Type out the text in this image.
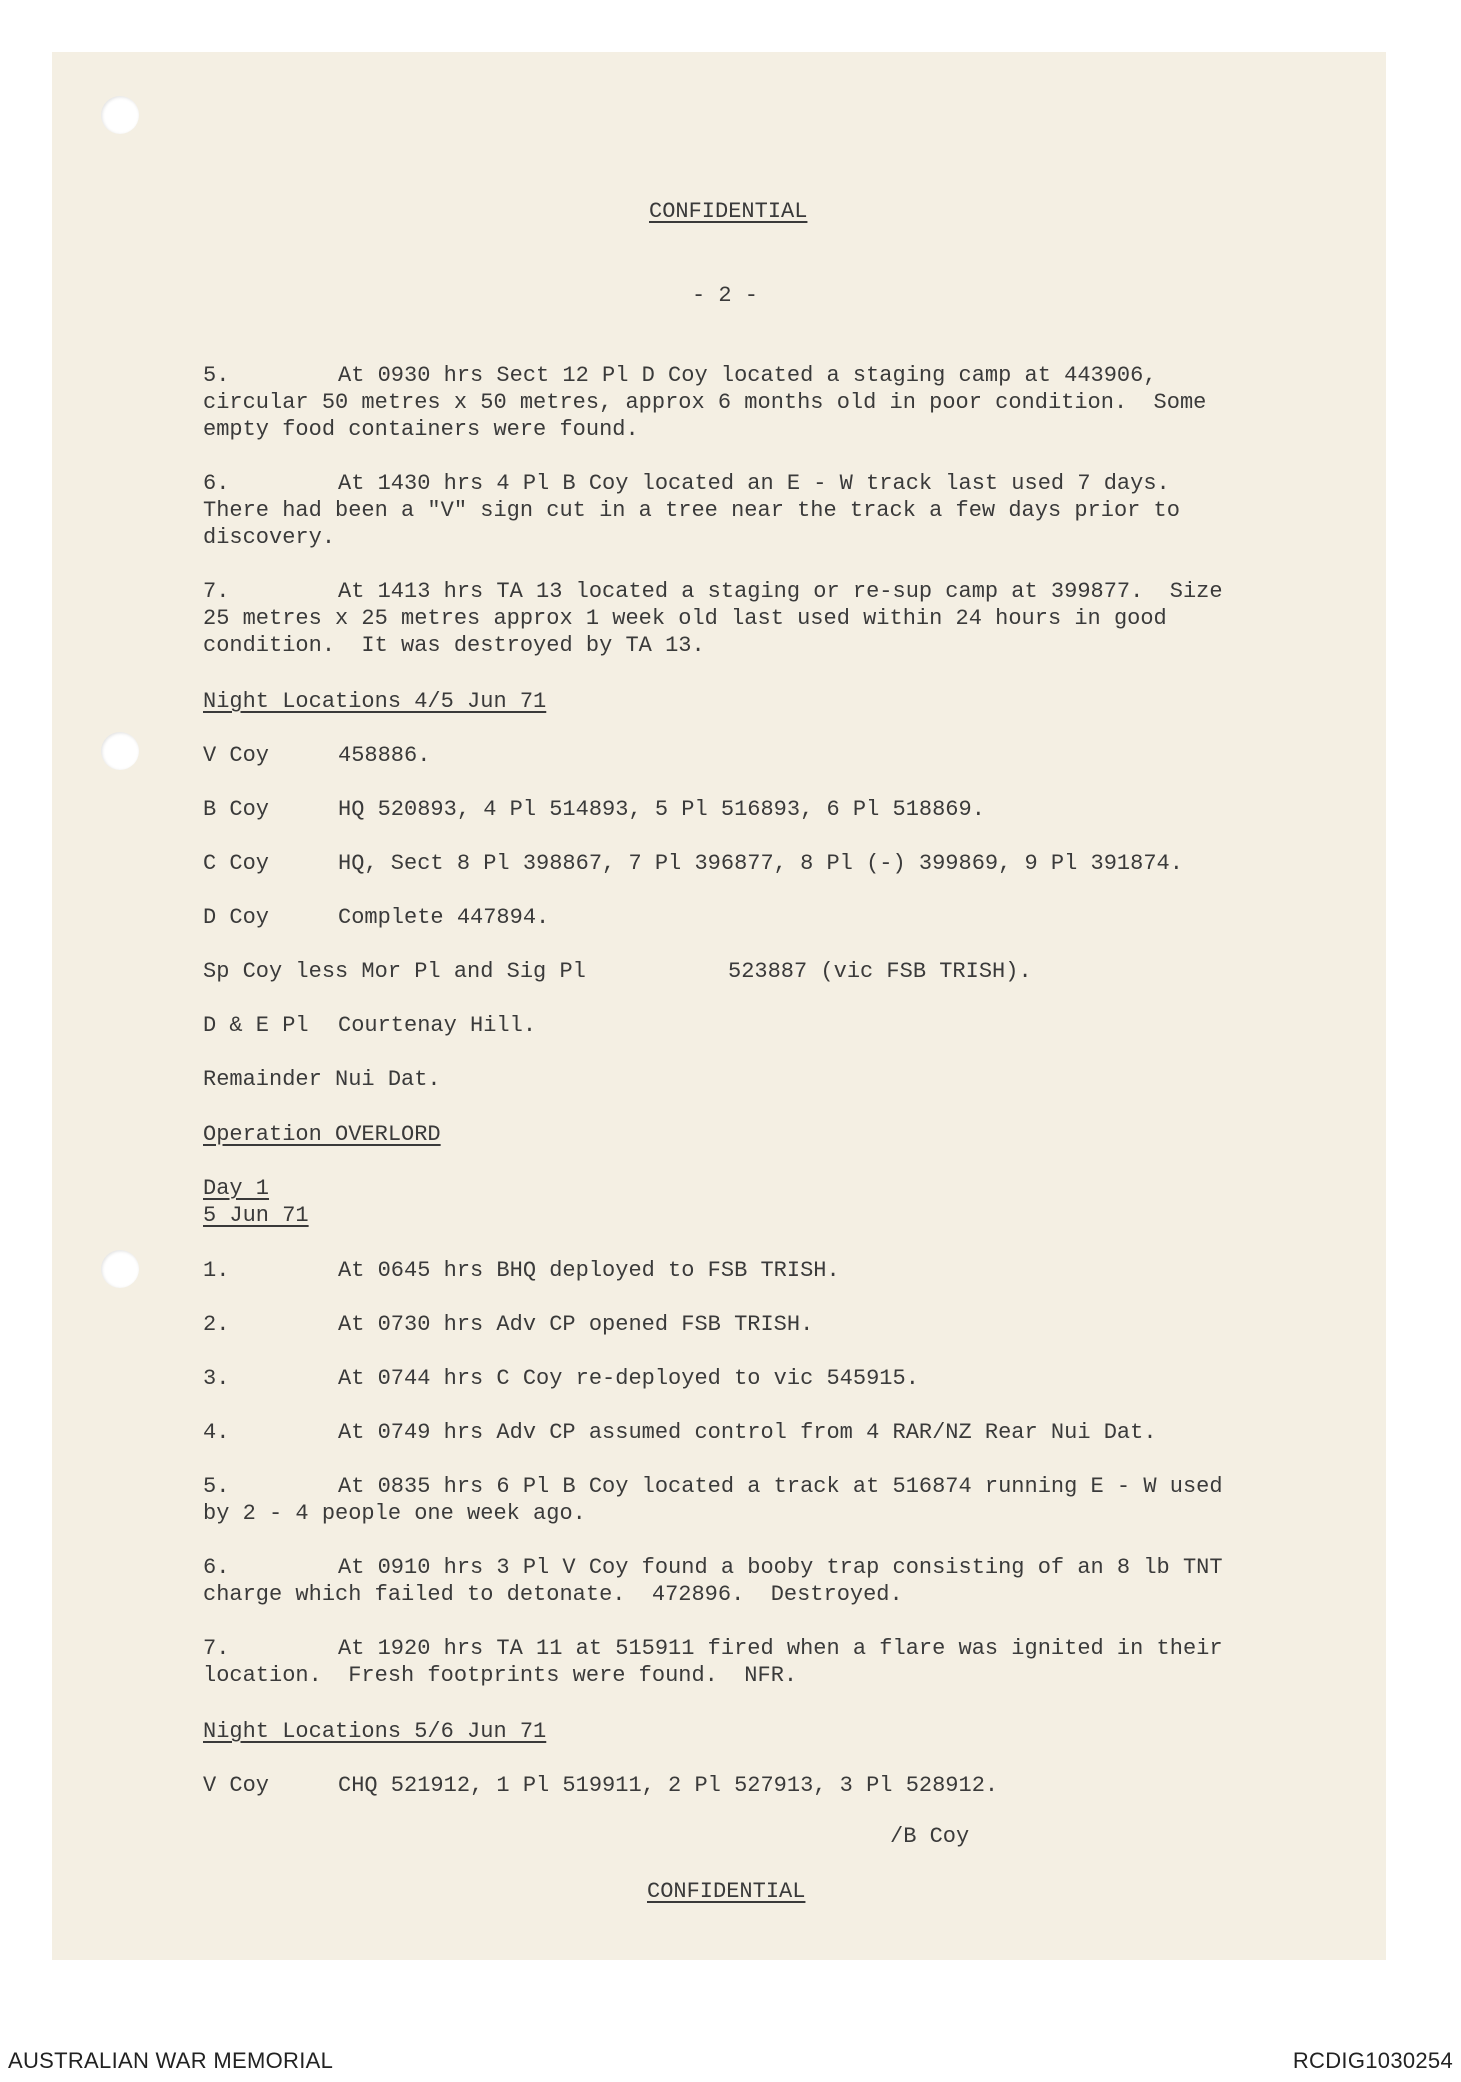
CONFIDENTIAL
- 2 -
5.	At 0930 hrs Sect 12 Pl D Coy located a staging camp at 443906,
circular 50 metres x 50 metres, approx 6 months old in poor condition.  Some
empty food containers were found.
6.	At 1430 hrs 4 Pl B Coy located an E - W track last used 7 days.
There had been a "V" sign cut in a tree near the track a few days prior to
discovery.
7.	At 1413 hrs TA 13 located a staging or re-sup camp at 399877.  Size
25 metres x 25 metres approx 1 week old last used within 24 hours in good
condition.  It was destroyed by TA 13.
Night Locations 4/5 Jun 71
V Coy	458886.
B Coy	HQ 520893, 4 Pl 514893, 5 Pl 516893, 6 Pl 518869.
C Coy	HQ, Sect 8 Pl 398867, 7 Pl 396877, 8 Pl (-) 399869, 9 Pl 391874.
D Coy	Complete 447894.
Sp Coy less Mor Pl and Sig Pl	523887 (vic FSB TRISH).
D & E Pl Courtenay Hill.
Remainder Nui Dat.
Operation OVERLORD
Day 1
5 Jun 71
1.	At 0645 hrs BHQ deployed to FSB TRISH.
2.	At 0730 hrs Adv CP opened FSB TRISH.
3.	At 0744 hrs C Coy re-deployed to vic 545915.
4.	At 0749 hrs Adv CP assumed control from 4 RAR/NZ Rear Nui Dat.
5.	At 0835 hrs 6 Pl B Coy located a track at 516874 running E - W used
by 2 - 4 people one week ago.
6.	At 0910 hrs 3 Pl V Coy found a booby trap consisting of an 8 lb TNT
charge which failed to detonate.  472896.  Destroyed.
7.	At 1920 hrs TA 11 at 515911 fired when a flare was ignited in their
location.  Fresh footprints were found.  NFR.
Night Locations 5/6 Jun 71
V Coy	CHQ 521912, 1 Pl 519911, 2 Pl 527913, 3 Pl 528912.
/B Coy
CONFIDENTIAL
AUSTRALIAN WAR MEMORIAL	RCDIG1030254
